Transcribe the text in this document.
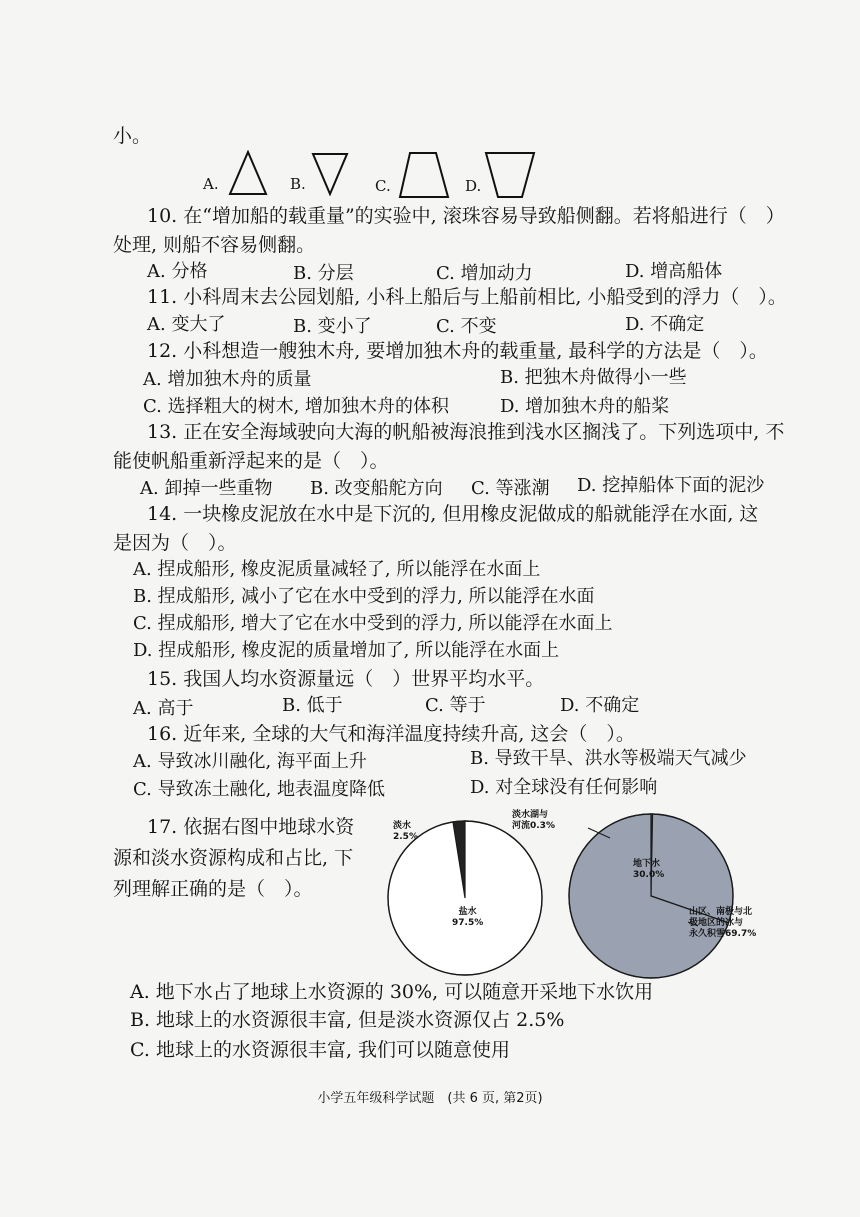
小。
A.	B.	C.	D.
10. 在“增加船的载重量”的实验中, 滚珠容易导致船侧翻。若将船进行（　）
处理, 则船不容易侧翻。
A. 分格	B. 分层	C. 增加动力	D. 增高船体
11. 小科周末去公园划船, 小科上船后与上船前相比, 小船受到的浮力（　）。
A. 变大了	B. 变小了	C. 不变	D. 不确定
12. 小科想造一艘独木舟, 要增加独木舟的载重量, 最科学的方法是（　）。
A. 增加独木舟的质量	B. 把独木舟做得小一些
C. 选择粗大的树木, 增加独木舟的体积	D. 增加独木舟的船桨
13. 正在安全海域驶向大海的帆船被海浪推到浅水区搁浅了。下列选项中, 不
能使帆船重新浮起来的是（　）。
A. 卸掉一些重物 B. 改变船舵方向 C. 等涨潮 D. 挖掉船体下面的泥沙
14. 一块橡皮泥放在水中是下沉的, 但用橡皮泥做成的船就能浮在水面, 这
是因为（　）。
A. 捏成船形, 橡皮泥质量减轻了, 所以能浮在水面上
B. 捏成船形, 减小了它在水中受到的浮力, 所以能浮在水面
C. 捏成船形, 增大了它在水中受到的浮力, 所以能浮在水面上
D. 捏成船形, 橡皮泥的质量增加了, 所以能浮在水面上
15. 我国人均水资源量远（　）世界平均水平。
A. 高于	B. 低于	C. 等于	D. 不确定
16. 近年来, 全球的大气和海洋温度持续升高, 这会（　）。
A. 导致冰川融化, 海平面上升	B. 导致干旱、洪水等极端天气减少
C. 导致冻土融化, 地表温度降低	D. 对全球没有任何影响
17. 依据右图中地球水资
源和淡水资源构成和占比, 下
列理解正确的是（　）。
淡水
2.5%
盐水
97.5%
淡水湖与
河流0.3%
地下水
30.0%
山区、南极与北
极地区的冰与
永久积雪69.7%
A. 地下水占了地球上水资源的 30%, 可以随意开采地下水饮用
B. 地球上的水资源很丰富, 但是淡水资源仅占 2.5%
C. 地球上的水资源很丰富, 我们可以随意使用
小学五年级科学试题　(共 6 页, 第2页)
